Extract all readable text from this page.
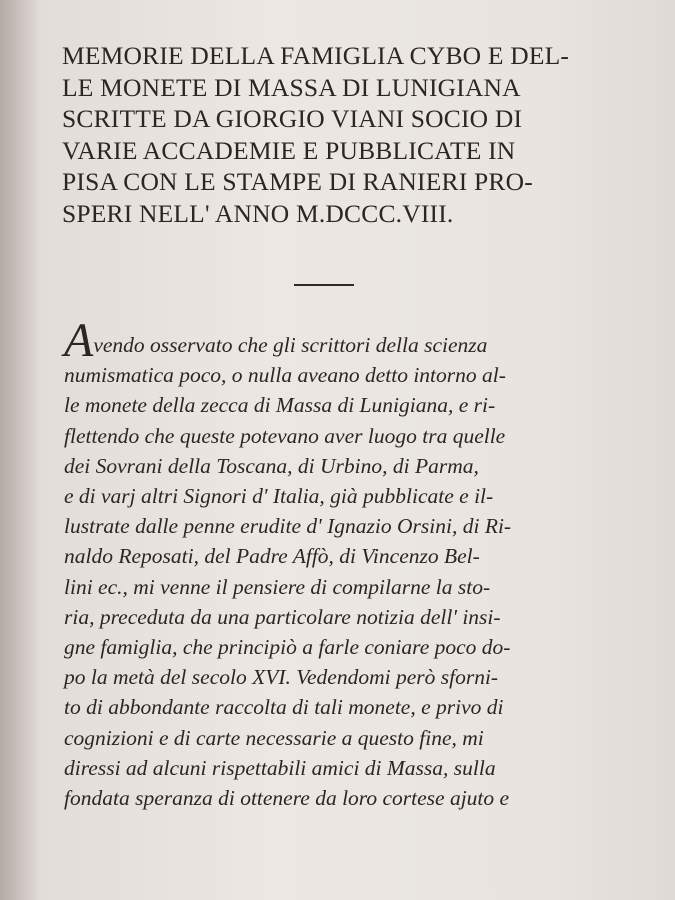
MEMORIE DELLA FAMIGLIA CYBO E DEL-
LE MONETE DI MASSA DI LUNIGIANA
SCRITTE DA GIORGIO VIANI SOCIO DI
VARIE ACCADEMIE E PUBBLICATE IN
PISA CON LE STAMPE DI RANIERI PRO-
SPERI NELL' ANNO M.DCCC.VIII.
Avendo osservato che gli scrittori della scienza
numismatica poco, o nulla aveano detto intorno al-
le monete della zecca di Massa di Lunigiana, e ri-
flettendo che queste potevano aver luogo tra quelle
dei Sovrani della Toscana, di Urbino, di Parma,
e di varj altri Signori d' Italia, già pubblicate e il-
lustrate dalle penne erudite d' Ignazio Orsini, di Ri-
naldo Reposati, del Padre Affò, di Vincenzo Bel-
lini ec., mi venne il pensiere di compilarne la sto-
ria, preceduta da una particolare notizia dell' insi-
gne famiglia, che principiò a farle coniare poco do-
po la metà del secolo XVI. Vedendomi però sforni-
to di abbondante raccolta di tali monete, e privo di
cognizioni e di carte necessarie a questo fine, mi
diressi ad alcuni rispettabili amici di Massa, sulla
fondata speranza di ottenere da loro cortese ajuto e
